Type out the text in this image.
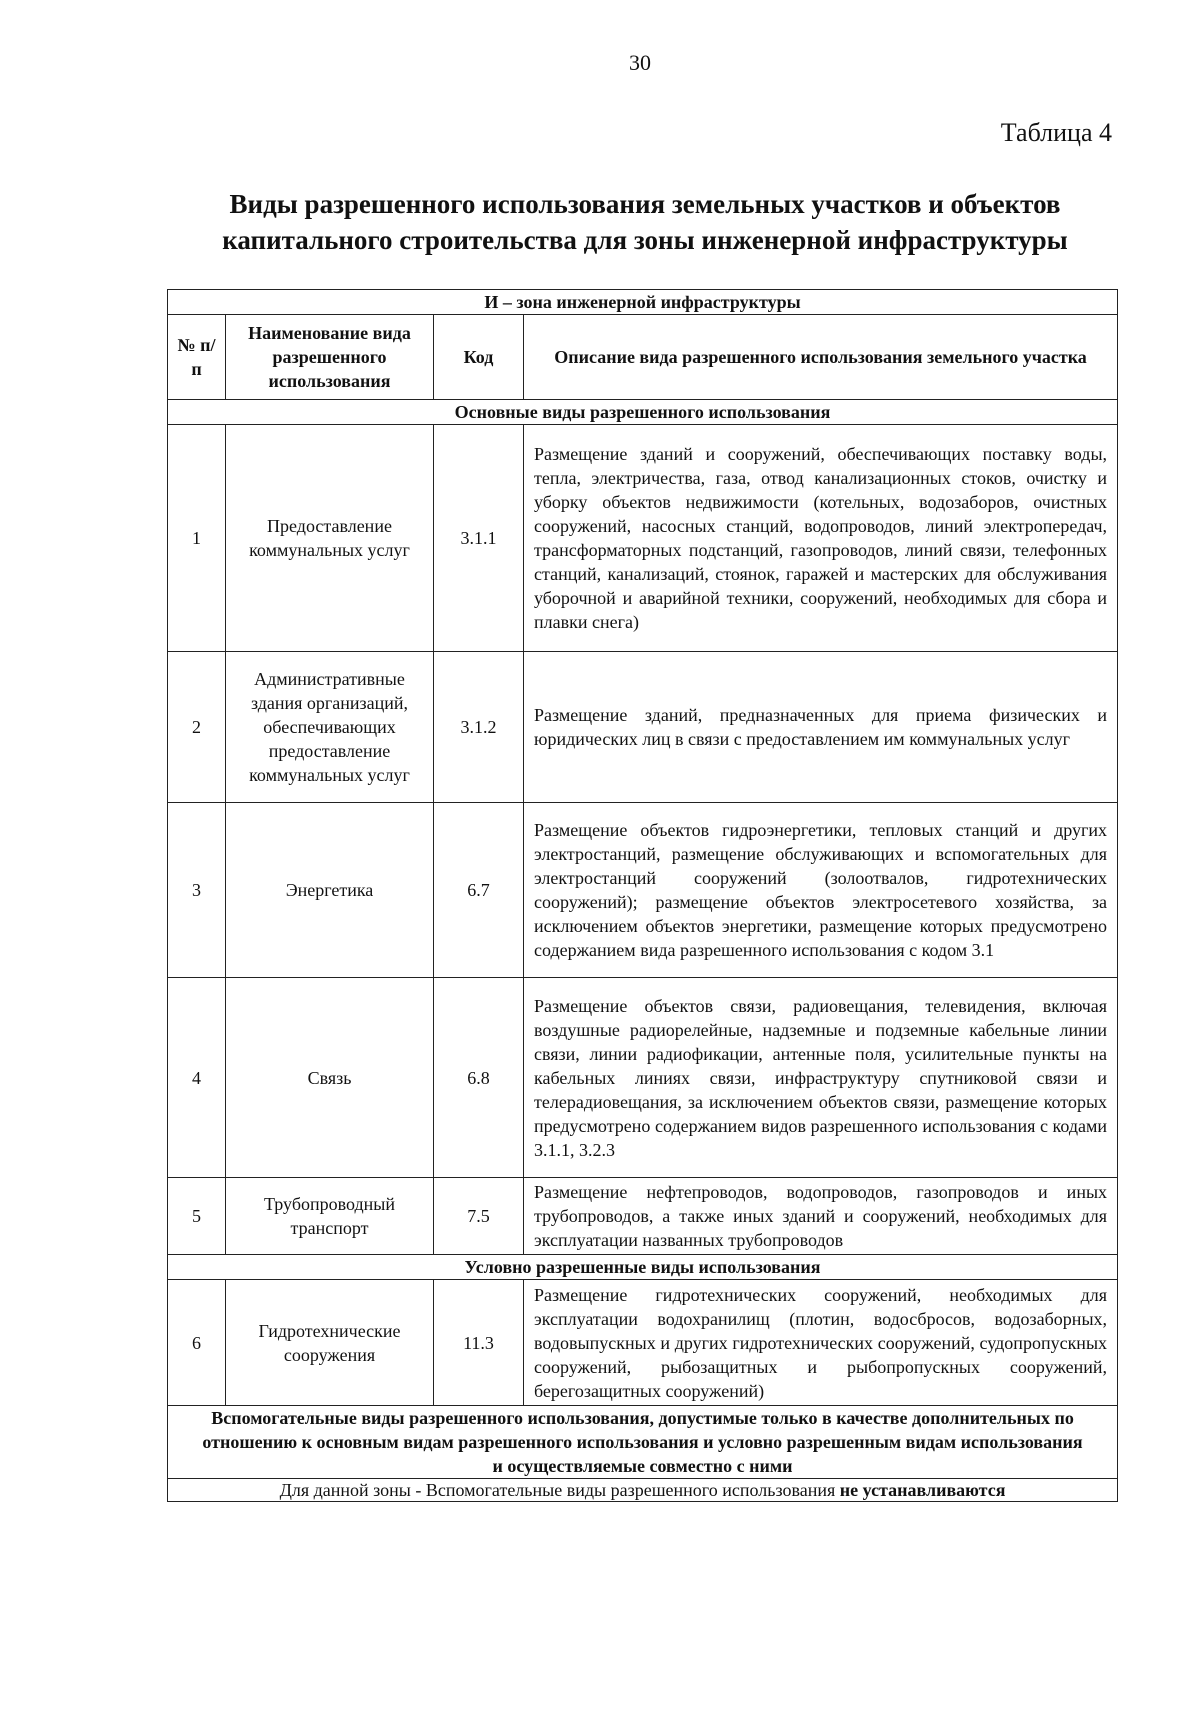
30
Таблица 4
Виды разрешенного использования земельных участков и объектов
капитального строительства для зоны инженерной инфраструктуры
И – зона инженерной инфраструктуры			
№ п/п	Наименование вида разрешенного использования	Код	Описание вида разрешенного использования земельного участка
Основные виды разрешенного использования			
1	Предоставление коммунальных услуг	3.1.1	Размещение зданий и сооружений, обеспечивающих поставку воды, тепла, электричества, газа, отвод канализационных стоков, очистку и уборку объектов недвижимости (котельных, водозаборов, очистных сооружений, насосных станций, водопроводов, линий электропередач, трансформаторных подстанций, газопроводов, линий связи, телефонных станций, канализаций, стоянок, гаражей и мастерских для обслуживания уборочной и аварийной техники, сооружений, необходимых для сбора и плавки снега)
2	Административные здания организаций, обеспечивающих предоставление коммунальных услуг	3.1.2	Размещение зданий, предназначенных для приема физических и юридических лиц в связи с предоставлением им коммунальных услуг
3	Энергетика	6.7	Размещение объектов гидроэнергетики, тепловых станций и других электростанций, размещение обслуживающих и вспомогательных для электростанций сооружений (золоотвалов, гидротехнических сооружений); размещение объектов электросетевого хозяйства, за исключением объектов энергетики, размещение которых предусмотрено содержанием вида разрешенного использования с кодом 3.1
4	Связь	6.8	Размещение объектов связи, радиовещания, телевидения, включая воздушные радиорелейные, надземные и подземные кабельные линии связи, линии радиофикации, антенные поля, усилительные пункты на кабельных линиях связи, инфраструктуру спутниковой связи и телерадиовещания, за исключением объектов связи, размещение которых предусмотрено содержанием видов разрешенного использования с кодами 3.1.1, 3.2.3
5	Трубопроводный транспорт	7.5	Размещение нефтепроводов, водопроводов, газопроводов и иных трубопроводов, а также иных зданий и сооружений, необходимых для эксплуатации названных трубопроводов
Условно разрешенные виды использования			
6	Гидротехнические сооружения	11.3	Размещение гидротехнических сооружений, необходимых для эксплуатации водохранилищ (плотин, водосбросов, водозаборных, водовыпускных и других гидротехнических сооружений, судопропускных сооружений, рыбозащитных и рыбопропускных сооружений, берегозащитных сооружений)
Вспомогательные виды разрешенного использования, допустимые только в качестве дополнительных по отношению к основным видам разрешенного использования и условно разрешенным видам использования и осуществляемые совместно с ними			
Для данной зоны - Вспомогательные виды разрешенного использования не устанавливаются			
